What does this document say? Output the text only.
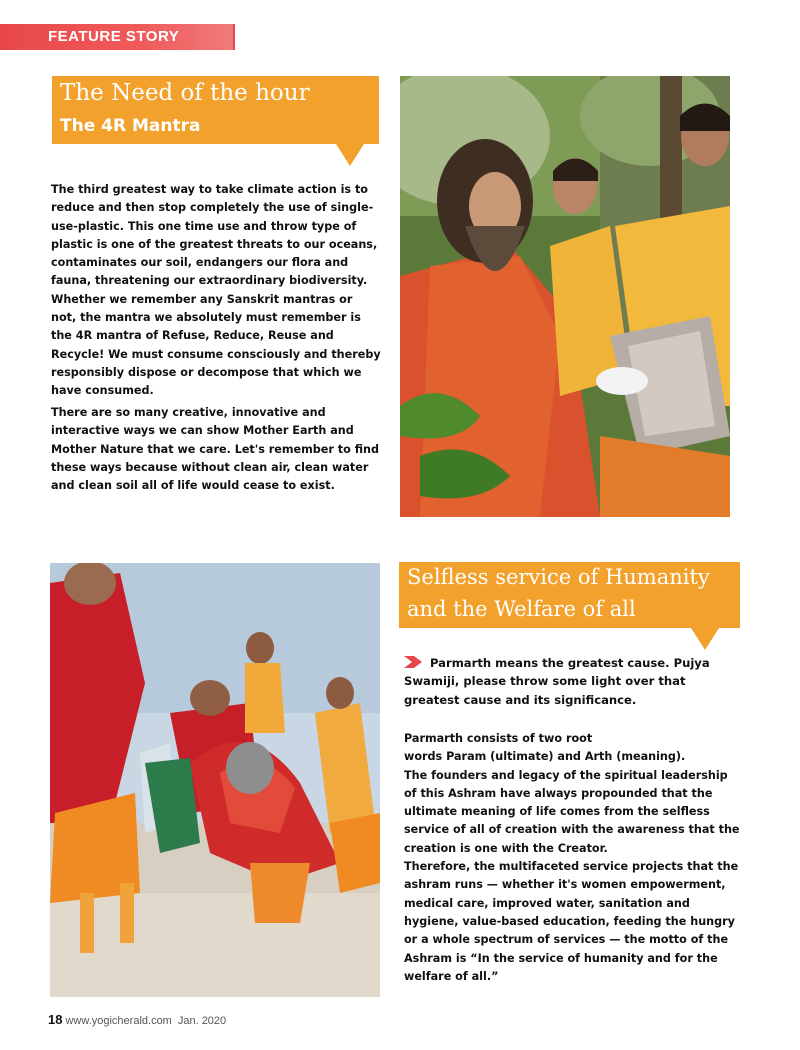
FEATURE STORY
The Need of the hour
The 4R Mantra
The third greatest way to take climate action is to reduce and then stop completely the use of single-use-plastic. This one time use and throw type of plastic is one of the greatest threats to our oceans, contaminates our soil, endangers our flora and fauna, threatening our extraordinary biodiversity. Whether we remember any Sanskrit mantras or not, the mantra we absolutely must remember is the 4R mantra of Refuse, Reduce, Reuse and Recycle! We must consume consciously and thereby responsibly dispose or decompose that which we have consumed.
There are so many creative, innovative and interactive ways we can show Mother Earth and Mother Nature that we care. Let's remember to find these ways because without clean air, clean water and clean soil all of life would cease to exist.
Selfless service of Humanity
and the Welfare of all
Parmarth means the greatest cause. Pujya Swamiji, please throw some light over that greatest cause and its significance.
Parmarth consists of two root
words Param (ultimate) and Arth (meaning).
The founders and legacy of the spiritual leadership of this Ashram have always propounded that the ultimate meaning of life comes from the selfless service of all of creation with the awareness that the creation is one with the Creator.
Therefore, the multifaceted service projects that the ashram runs — whether it's women empowerment, medical care, improved water, sanitation and hygiene, value-based education, feeding the hungry or a whole spectrum of services — the motto of the Ashram is “In the service of humanity and for the welfare of all.”
18 www.yogicherald.com Jan. 2020
